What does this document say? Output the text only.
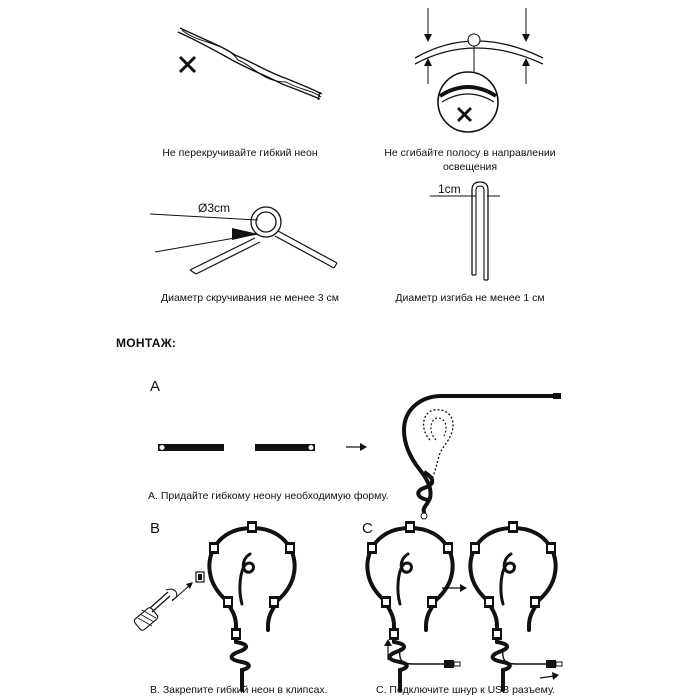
Ø3cm
1cm
Не перекручивайте гибкий неон	Не сгибайте полосу в направлении
освещения
Диаметр скручивания не менее 3 см	Диаметр изгиба не менее 1 см
МОНТАЖ:
A
А. Придайте гибкому неону необходимую форму.
B
В. Закрепите гибкий неон в клипсах.
C
С. Подключите шнур к USB разъему.
